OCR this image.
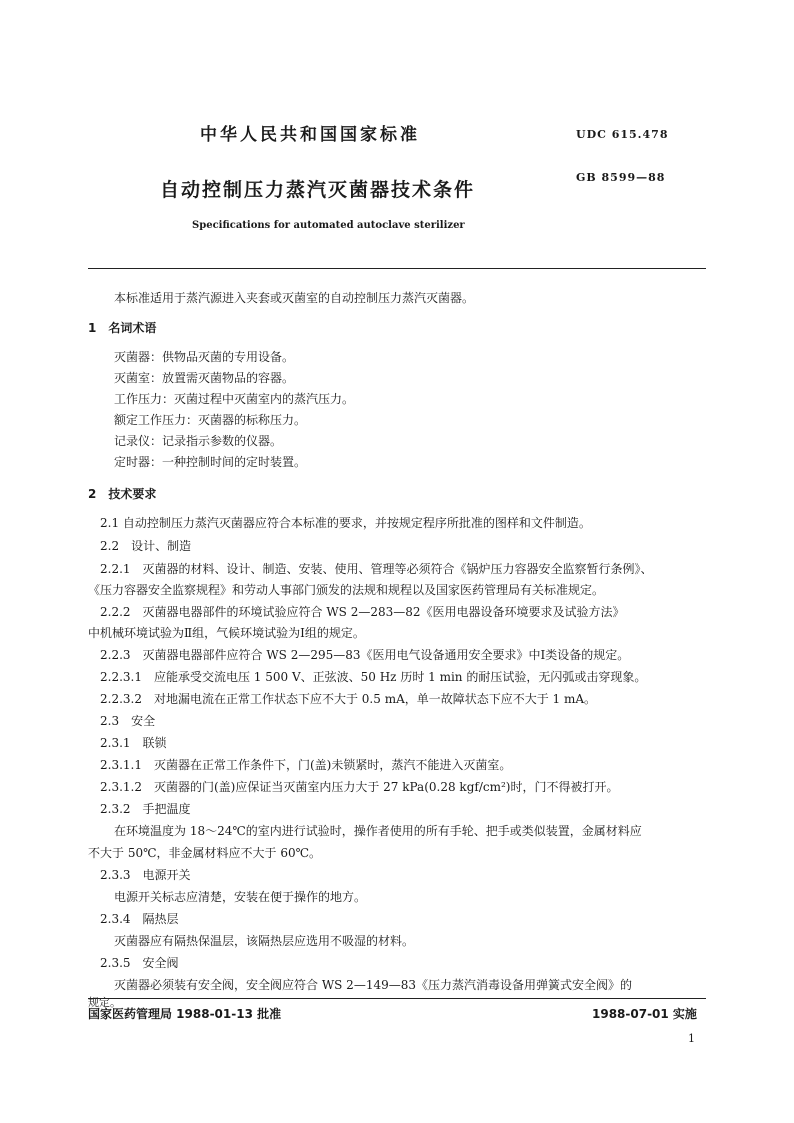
中华人民共和国国家标准	UDC 615.478
GB 8599—88
自动控制压力蒸汽灭菌器技术条件
Specifications for automated autoclave sterilizer
本标准适用于蒸汽源进入夹套或灭菌室的自动控制压力蒸汽灭菌器。
1　名词术语
灭菌器：供物品灭菌的专用设备。
灭菌室：放置需灭菌物品的容器。
工作压力：灭菌过程中灭菌室内的蒸汽压力。
额定工作压力：灭菌器的标称压力。
记录仪：记录指示参数的仪器。
定时器：一种控制时间的定时装置。
2　技术要求
2.1 自动控制压力蒸汽灭菌器应符合本标准的要求，并按规定程序所批准的图样和文件制造。
2.2　设计、制造
2.2.1　灭菌器的材料、设计、制造、安装、使用、管理等必须符合《锅炉压力容器安全监察暂行条例》、
《压力容器安全监察规程》和劳动人事部门颁发的法规和规程以及国家医药管理局有关标准规定。
2.2.2　灭菌器电器部件的环境试验应符合 WS 2—283—82《医用电器设备环境要求及试验方法》
中机械环境试验为Ⅱ组，气候环境试验为Ⅰ组的规定。
2.2.3　灭菌器电器部件应符合 WS 2—295—83《医用电气设备通用安全要求》中Ⅰ类设备的规定。
2.2.3.1　应能承受交流电压 1 500 V、正弦波、50 Hz 历时 1 min 的耐压试验，无闪弧或击穿现象。
2.2.3.2　对地漏电流在正常工作状态下应不大于 0.5 mA，单一故障状态下应不大于 1 mA。
2.3　安全
2.3.1　联锁
2.3.1.1　灭菌器在正常工作条件下，门(盖)未锁紧时，蒸汽不能进入灭菌室。
2.3.1.2　灭菌器的门(盖)应保证当灭菌室内压力大于 27 kPa(0.28 kgf/cm²)时，门不得被打开。
2.3.2　手把温度
在环境温度为 18～24℃的室内进行试验时，操作者使用的所有手轮、把手或类似装置，金属材料应
不大于 50℃，非金属材料应不大于 60℃。
2.3.3　电源开关
电源开关标志应清楚，安装在便于操作的地方。
2.3.4　隔热层
灭菌器应有隔热保温层，该隔热层应选用不吸湿的材料。
2.3.5　安全阀
灭菌器必须装有安全阀，安全阀应符合 WS 2—149—83《压力蒸汽消毒设备用弹簧式安全阀》的
规定。
国家医药管理局 1988-01-13 批准	1988-07-01 实施
1
